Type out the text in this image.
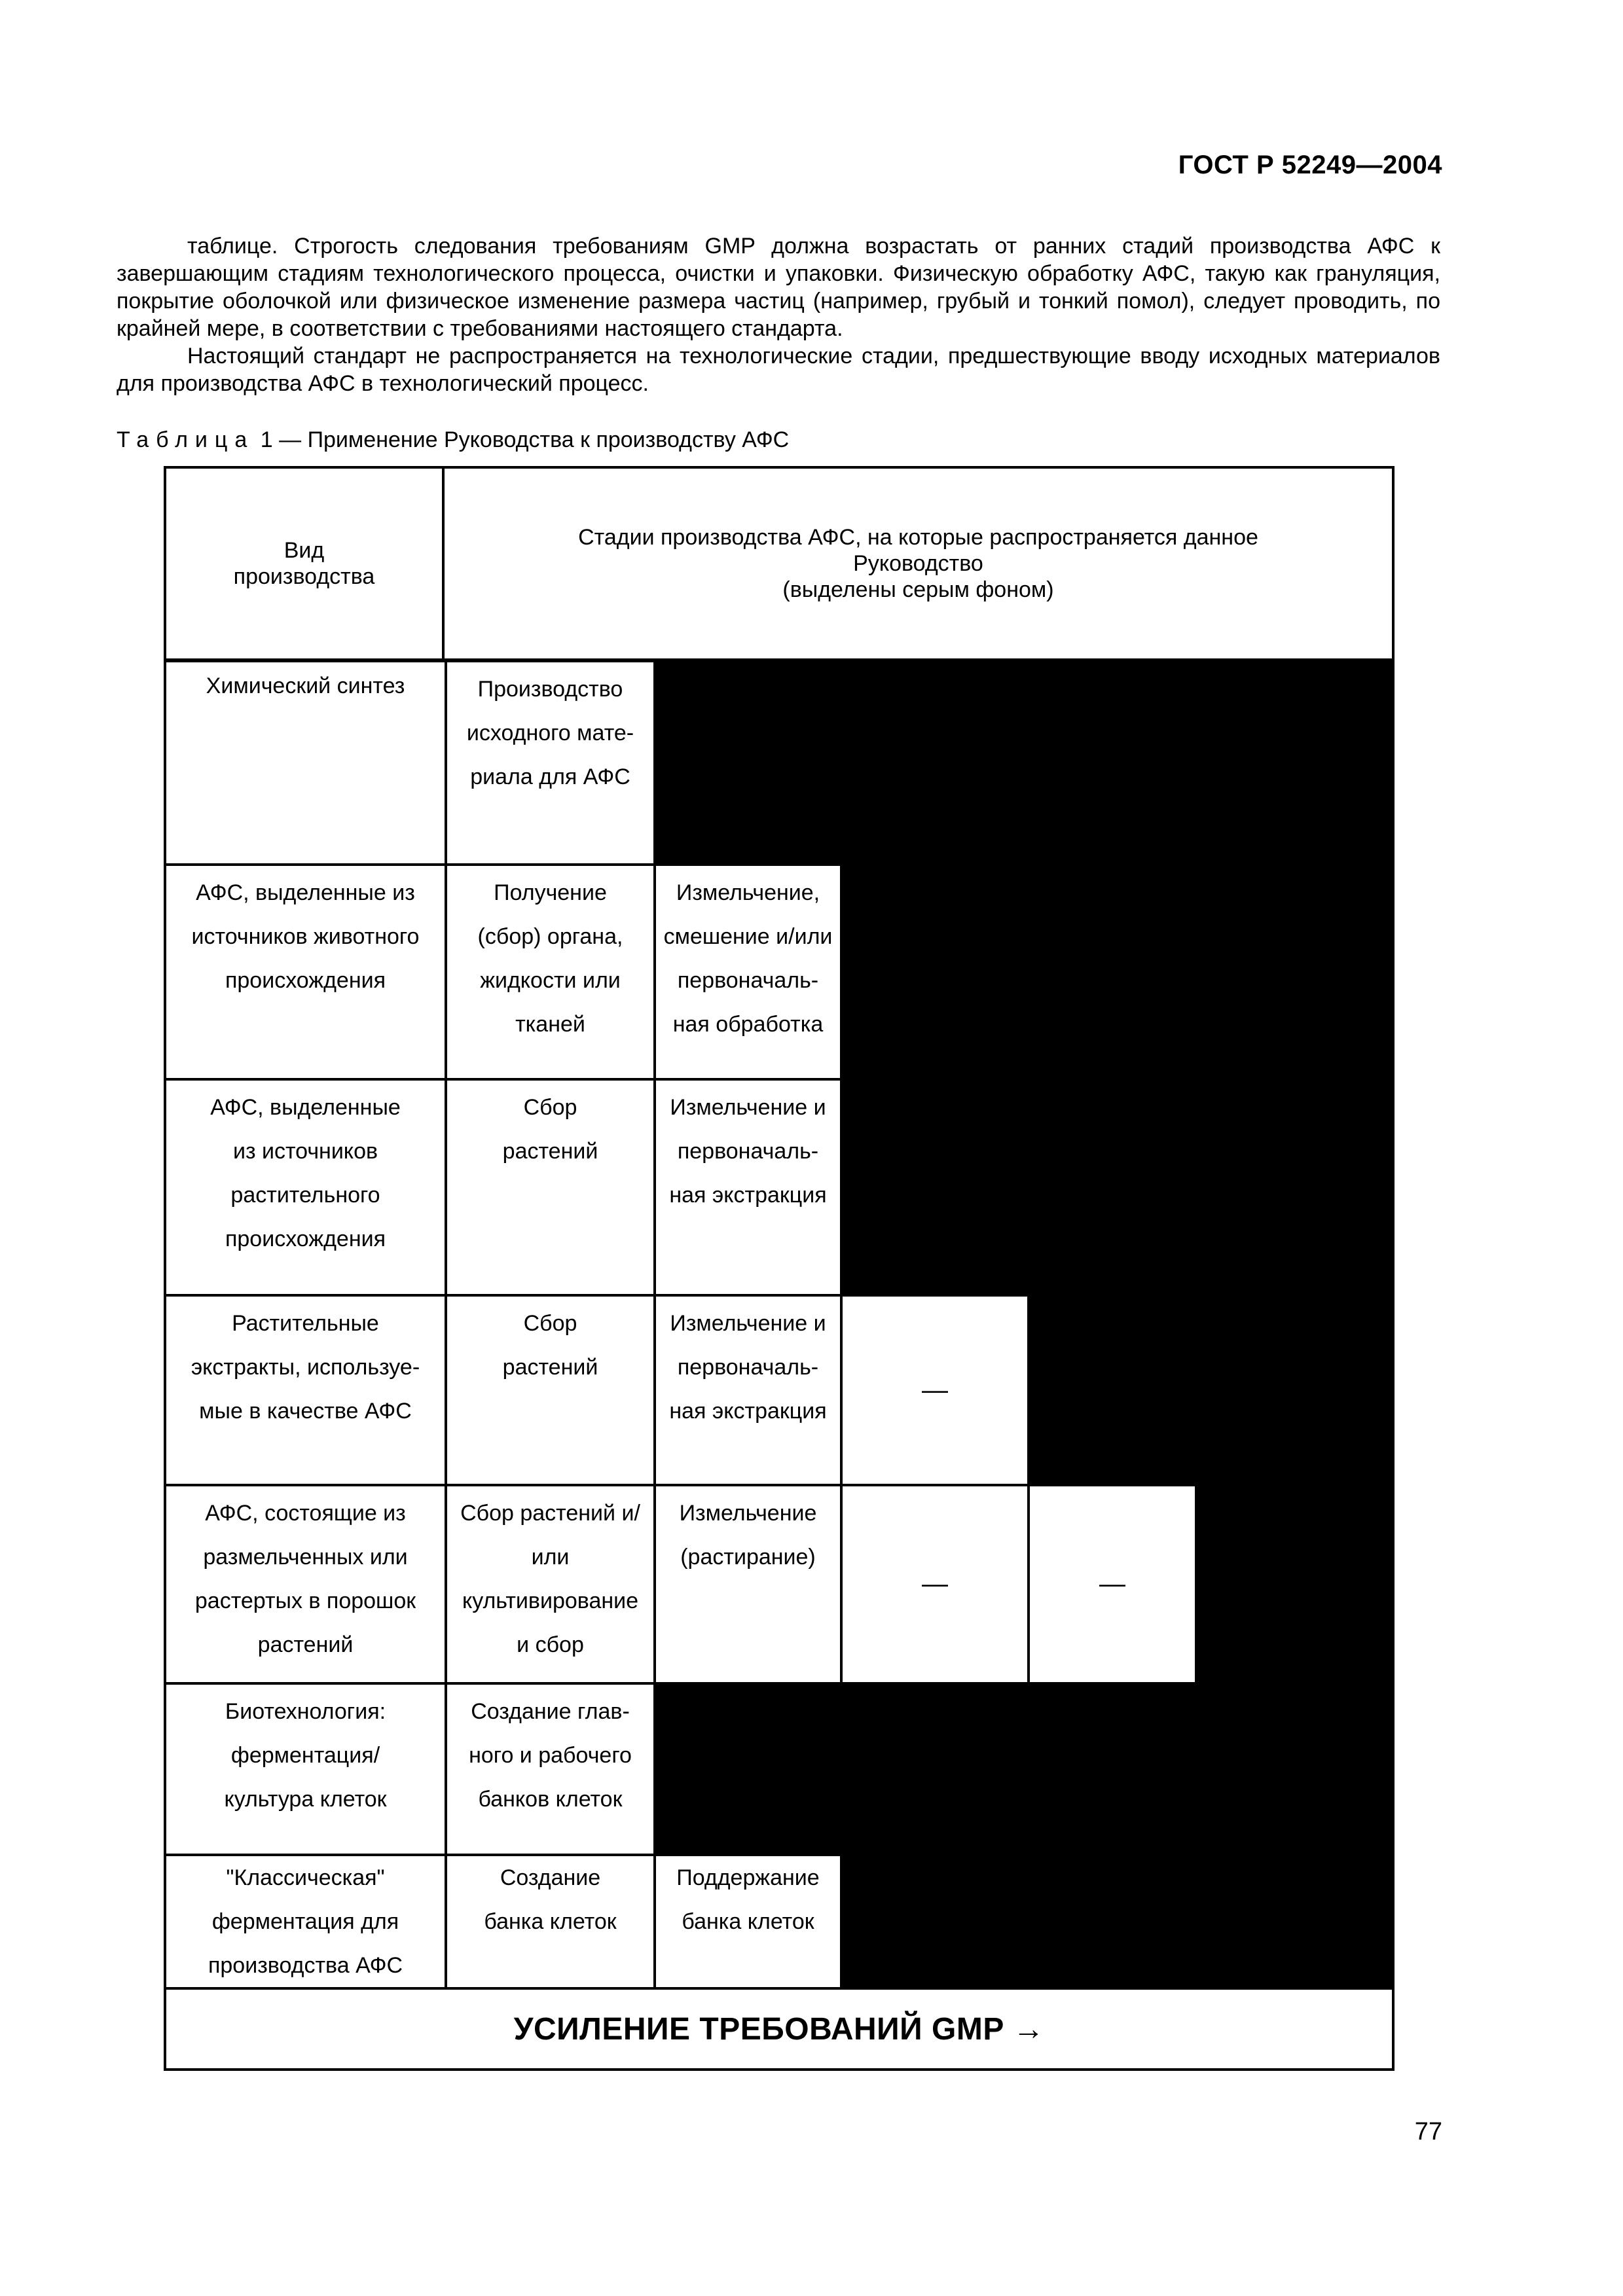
ГОСТ Р 52249—2004
таблице. Строгость следования требованиям GMP должна возрастать от ранних стадий производства АФС к завершающим стадиям технологического процесса, очистки и упаковки. Физическую обработку АФС, такую как грануляция, покрытие оболочкой или физическое изменение размера частиц (например, грубый и тонкий помол), следует проводить, по крайней мере, в соответствии с требованиями настоящего стандарта.
Настоящий стандарт не распространяется на технологические стадии, предшествующие вводу исходных материалов для производства АФС в технологический процесс.
Таблица 1 — Применение Руководства к производству АФС
Вид производства
Стадии производства АФС, на которые распространяется данное
Руководство
(выделены серым фоном)
Химический синтез	Производство исходного мате- риала для АФС
АФС, выделенные из источников животного происхождения
Получение (сбор) органа, жидкости или тканей
Измельчение, смешение и/или первоначаль- ная обработка
АФС, выделенные из источников растительного происхождения
Сбор растений
Измельчение и первоначаль- ная экстракция
Растительные экстракты, используе- мые в качестве АФС
Сбор растений
Измельчение и первоначаль- ная экстракция
—
АФС, состоящие из размельченных или растертых в порошок растений
Сбор растений и/или культивирование и сбор
Измельчение (растирание)
—	—
Биотехнология: ферментация/ культура клеток
Создание глав- ного и рабочего банков клеток
"Классическая" ферментация для производства АФС
Создание банка клеток
Поддержание банка клеток
УСИЛЕНИЕ ТРЕБОВАНИЙ GMP →
77
